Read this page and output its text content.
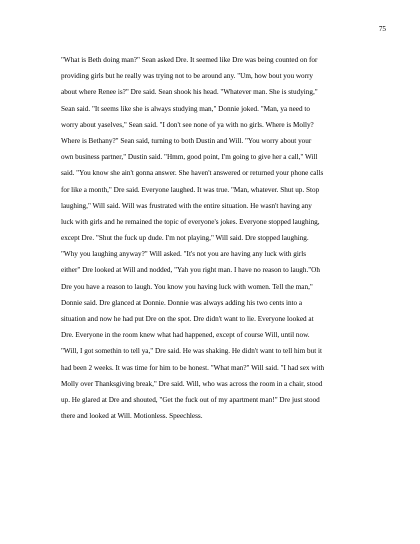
75
"What is Beth doing man?" Sean asked Dre. It seemed like Dre was being counted on for
providing girls but he really was trying not to be around any. "Um, how bout you worry
about where Renee is?" Dre said. Sean shook his head. "Whatever man. She is studying,"
Sean said. "It seems like she is always studying man," Donnie joked. "Man, ya need to
worry about yaselves," Sean said. "I don't see none of ya with no girls. Where is Molly?
Where is Bethany?" Sean said, turning to both Dustin and Will. "You worry about your
own business partner," Dustin said. "Hmm, good point, I'm going to give her a call," Will
said. "You know she ain't gonna answer. She haven't answered or returned your phone calls
for like a month," Dre said. Everyone laughed. It was true. "Man, whatever. Shut up. Stop
laughing," Will said. Will was frustrated with the entire situation. He wasn't having any
luck with girls and he remained the topic of everyone's jokes. Everyone stopped laughing,
except Dre. "Shut the fuck up dude. I'm not playing," Will said. Dre stopped laughing.
"Why you laughing anyway?" Will asked. "It's not you are having any luck with girls
either" Dre looked at Will and nodded, "Yah you right man. I have no reason to laugh."Oh
Dre you have a reason to laugh. You know you having luck with women. Tell the man,"
Donnie said. Dre glanced at Donnie. Donnie was always adding his two cents into a
situation and now he had put Dre on the spot. Dre didn't want to lie. Everyone looked at
Dre. Everyone in the room knew what had happened, except of course Will, until now.
"Will, I got somethin to tell ya," Dre said. He was shaking. He didn't want to tell him but it
had been 2 weeks. It was time for him to be honest. "What man?" Will said. "I had sex with
Molly over Thanksgiving break," Dre said. Will, who was across the room in a chair, stood
up. He glared at Dre and shouted, "Get the fuck out of my apartment man!" Dre just stood
there and looked at Will. Motionless. Speechless.
